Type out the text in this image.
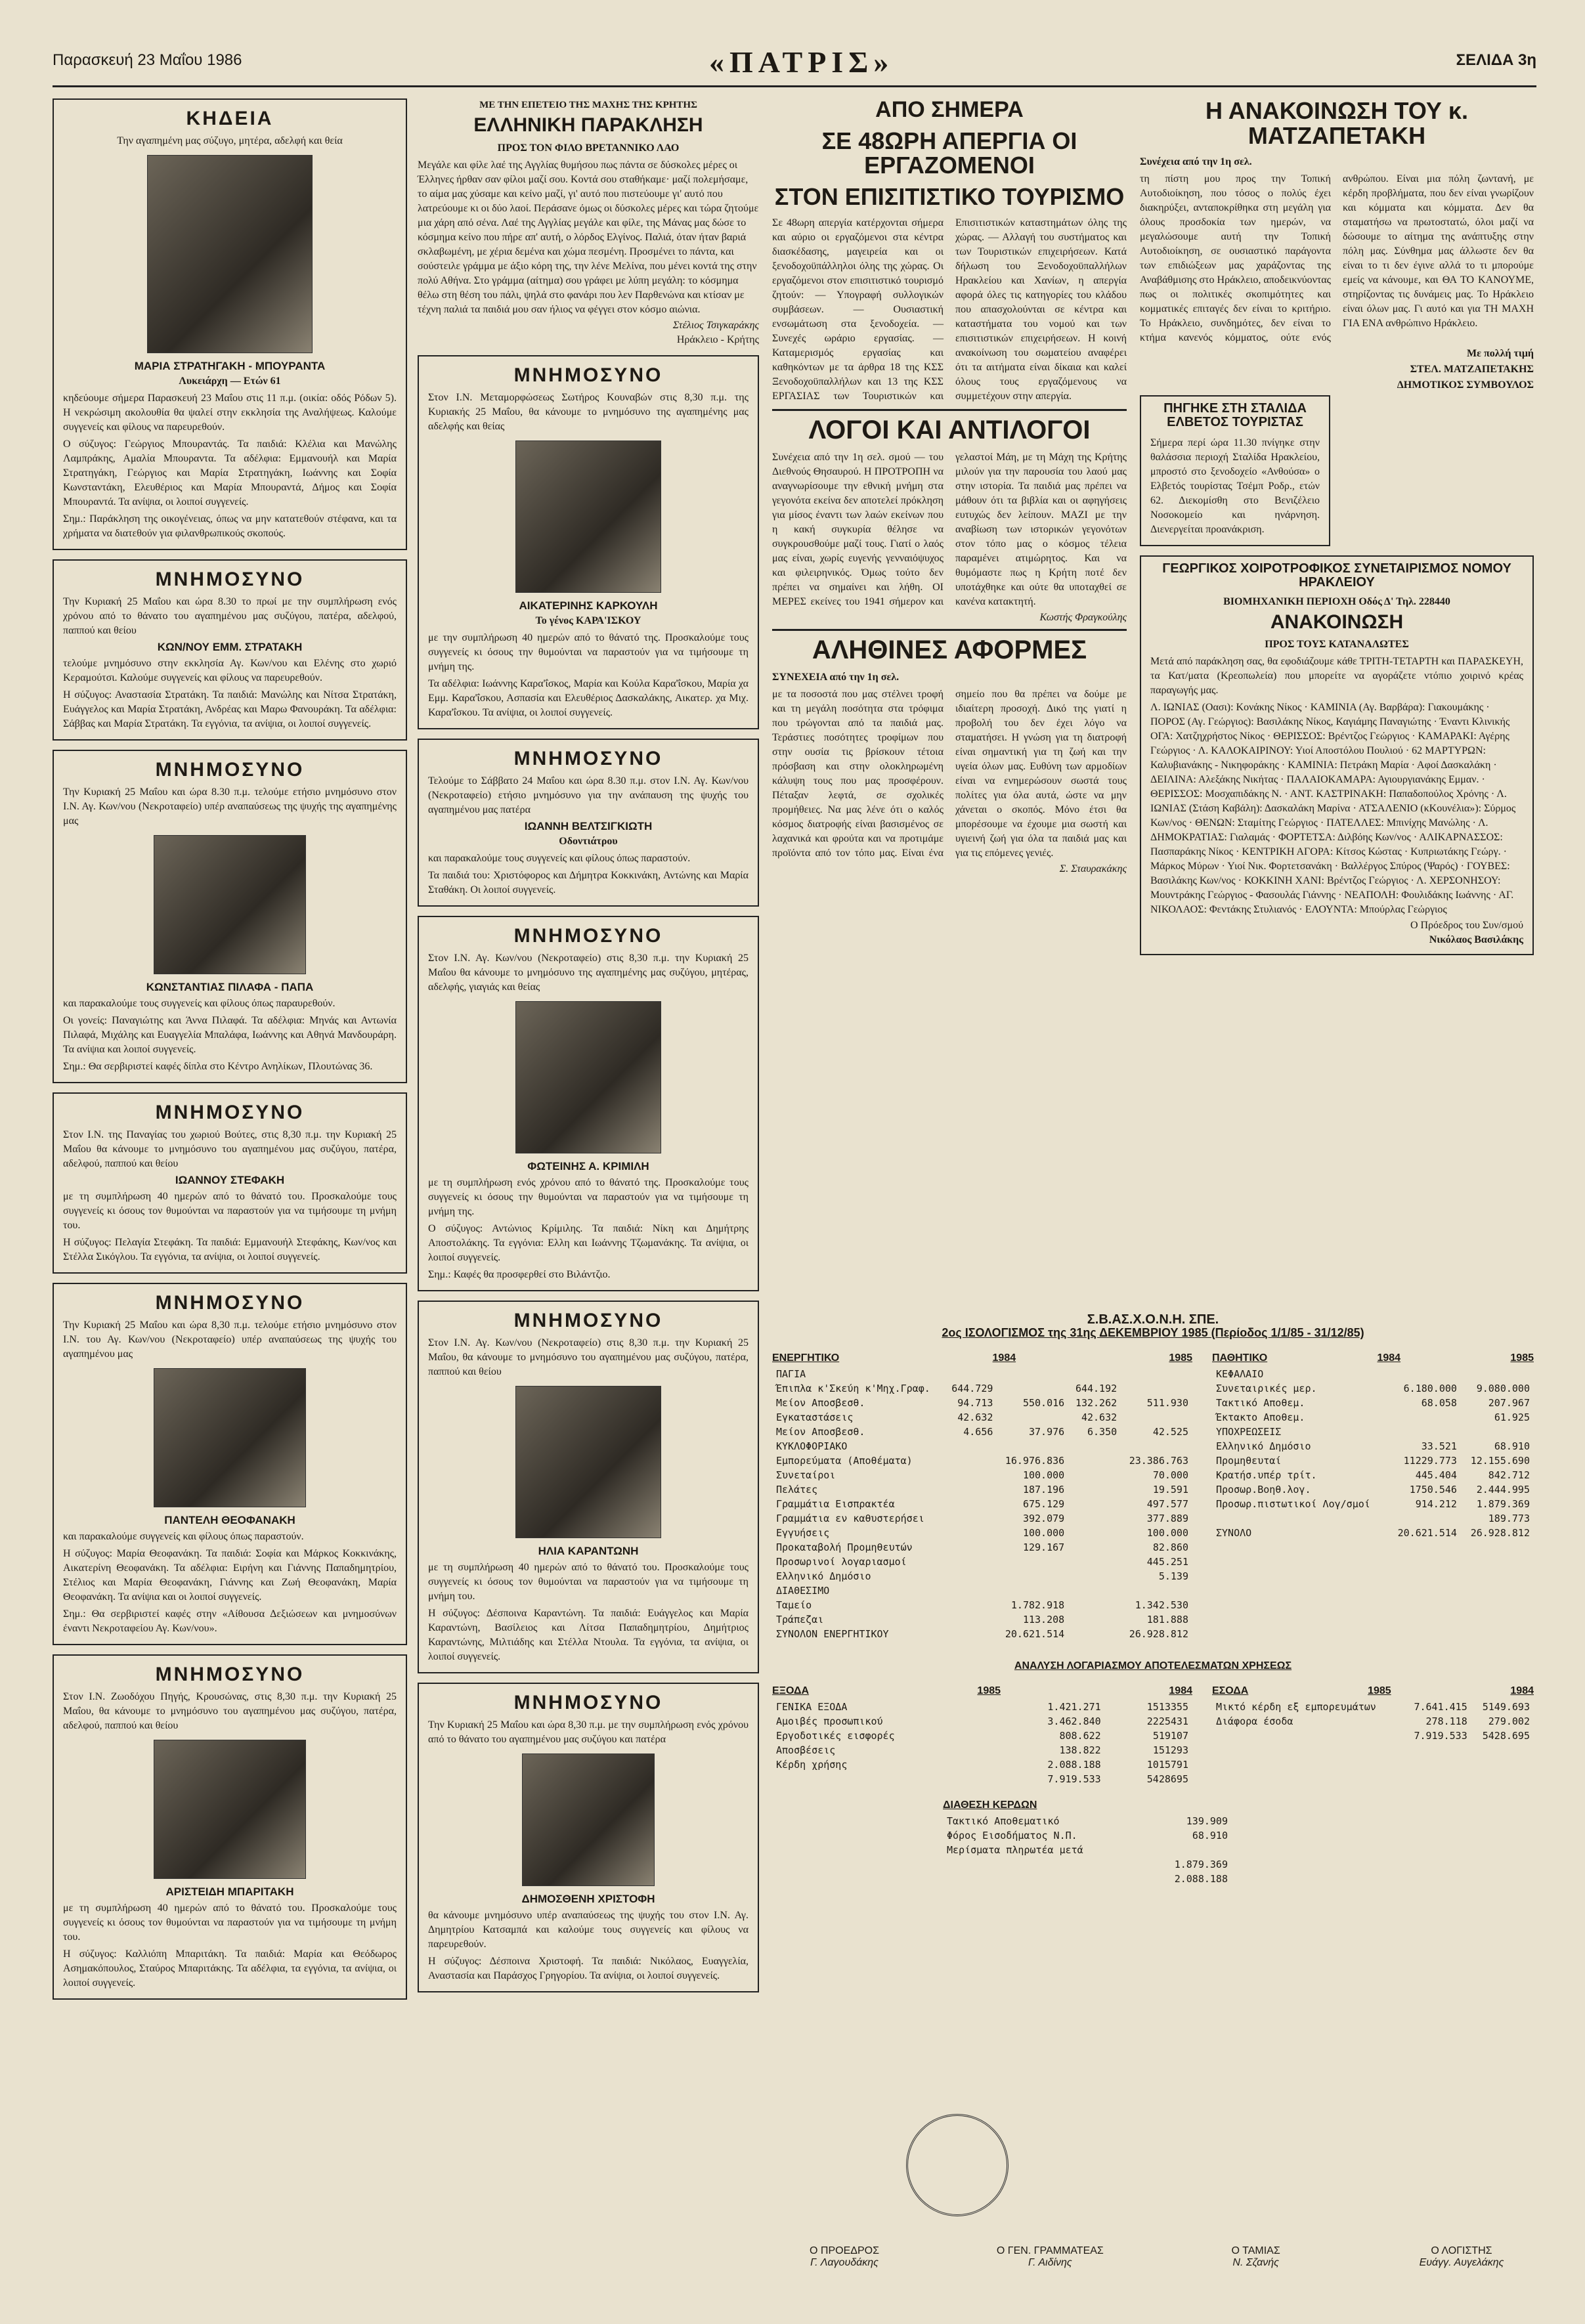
Παρασκευή 23 Μαΐου 1986	«ΠΑΤΡΙΣ»	ΣΕΛΙΔΑ 3η
ΚΗΔΕΙΑ

Την αγαπημένη μας σύζυγο, μητέρα, αδελφή και θεία

ΜΑΡΙΑ ΣΤΡΑΤΗΓΑΚΗ - ΜΠΟΥΡΑΝΤΑ

Λυκειάρχη — Ετών 61

κηδεύουμε σήμερα Παρασκευή 23 Μαΐου στις 11 π.μ. (οικία: οδός Ρόδων 5). Η νεκρώσιμη ακολουθία θα ψαλεί στην εκκλησία της Αναλήψεως. Καλούμε συγγενείς και φίλους να παρευρεθούν.

Ο σύζυγος: Γεώργιος Μπουραντάς. Τα παιδιά: Κλέλια και Μανώλης Λαμπράκης, Αμαλία Μπουραντα. Τα αδέλφια: Εμμανουήλ και Μαρία Στρατηγάκη, Γεώργιος και Μαρία Στρατηγάκη, Ιωάννης και Σοφία Κωνσταντάκη, Ελευθέριος και Μαρία Μπουραντά, Δήμος και Σοφία Μπουραντά. Τα ανίψια, οι λοιποί συγγενείς.

Σημ.: Παράκληση της οικογένειας, όπως να μην κατατεθούν στέφανα, και τα χρήματα να διατεθούν για φιλανθρωπικούς σκοπούς.

ΜΝΗΜΟΣΥΝΟ

Την Κυριακή 25 Μαΐου και ώρα 8.30 το πρωί με την συμπλήρωση ενός χρόνου από το θάνατο του αγαπημένου μας συζύγου, πατέρα, αδελφού, παππού και θείου

ΚΩΝ/ΝΟΥ ΕΜΜ. ΣΤΡΑΤΑΚΗ

τελούμε μνημόσυνο στην εκκλησία Αγ. Κων/νου και Ελένης στο χωριό Κεραμούτσι. Καλούμε συγγενείς και φίλους να παρευρεθούν.

Η σύζυγος: Αναστασία Στρατάκη. Τα παιδιά: Μανώλης και Νίτσα Στρατάκη, Ευάγγελος και Μαρία Στρατάκη, Ανδρέας και Μαρω Φανουράκη. Τα αδέλφια: Σάββας και Μαρία Στρατάκη. Τα εγγόνια, τα ανίψια, οι λοιποί συγγενείς.

ΜΝΗΜΟΣΥΝΟ

Την Κυριακή 25 Μαΐου και ώρα 8.30 π.μ. τελούμε ετήσιο μνημόσυνο στον Ι.Ν. Αγ. Κων/νου (Νεκροταφείο) υπέρ αναπαύσεως της ψυχής της αγαπημένης μας

ΚΩΝΣΤΑΝΤΙΑΣ ΠΙΛΑΦΑ - ΠΑΠΑ

και παρακαλούμε τους συγγενείς και φίλους όπως παραυρεθούν.

Οι γονείς: Παναγιώτης και Άννα Πιλαφά. Τα αδέλφια: Μηνάς και Αντωνία Πιλαφά, Μιχάλης και Ευαγγελία Μπαλάφα, Ιωάννης και Αθηνά Μανδουράρη. Τα ανίψια και λοιποί συγγενείς.

Σημ.: Θα σερβιριστεί καφές δίπλα στο Κέντρο Ανηλίκων, Πλουτώνας 36.

ΜΝΗΜΟΣΥΝΟ

Στον Ι.Ν. της Παναγίας του χωριού Βούτες, στις 8,30 π.μ. την Κυριακή 25 Μαΐου θα κάνουμε το μνημόσυνο του αγαπημένου μας συζύγου, πατέρα, αδελφού, παππού και θείου

ΙΩΑΝΝΟΥ ΣΤΕΦΑΚΗ

με τη συμπλήρωση 40 ημερών από το θάνατό του. Προσκαλούμε τους συγγενείς κι όσους τον θυμούνται να παραστούν για να τιμήσουμε τη μνήμη του.

Η σύζυγος: Πελαγία Στεφάκη. Τα παιδιά: Εμμανουήλ Στεφάκης, Κων/νος και Στέλλα Σικόγλου. Τα εγγόνια, τα ανίψια, οι λοιποί συγγενείς.

ΜΝΗΜΟΣΥΝΟ

Την Κυριακή 25 Μαΐου και ώρα 8,30 π.μ. τελούμε ετήσιο μνημόσυνο στον Ι.Ν. του Αγ. Κων/νου (Νεκροταφείο) υπέρ αναπαύσεως της ψυχής του αγαπημένου μας

ΠΑΝΤΕΛΗ ΘΕΟΦΑΝΑΚΗ

και παρακαλούμε συγγενείς και φίλους όπως παραστούν.

Η σύζυγος: Μαρία Θεοφανάκη. Τα παιδιά: Σοφία και Μάρκος Κοκκινάκης, Αικατερίνη Θεοφανάκη. Τα αδέλφια: Ειρήνη και Γιάννης Παπαδημητρίου, Στέλιος και Μαρία Θεοφανάκη, Γιάννης και Ζωή Θεοφανάκη, Μαρία Θεοφανάκη. Τα ανίψια και οι λοιποί συγγενείς.

Σημ.: Θα σερβιριστεί καφές στην «Αίθουσα Δεξιώσεων και μνημοσύνων έναντι Νεκροταφείου Αγ. Κων/νου».

ΜΝΗΜΟΣΥΝΟ

Στον Ι.Ν. Ζωοδόχου Πηγής, Κρουσώνας, στις 8,30 π.μ. την Κυριακή 25 Μαΐου, θα κάνουμε το μνημόσυνο του αγαπημένου μας συζύγου, πατέρα, αδελφού, παππού και θείου

ΑΡΙΣΤΕΙΔΗ ΜΠΑΡΙΤΑΚΗ

με τη συμπλήρωση 40 ημερών από το θάνατό του. Προσκαλούμε τους συγγενείς κι όσους τον θυμούνται να παραστούν για να τιμήσουμε τη μνήμη του.

Η σύζυγος: Καλλιόπη Μπαριτάκη. Τα παιδιά: Μαρία και Θεόδωρος Ασημακόπουλος, Σταύρος Μπαριτάκης. Τα αδέλφια, τα εγγόνια, τα ανίψια, οι λοιποί συγγενείς.

ΜΕ ΤΗΝ ΕΠΕΤΕΙΟ ΤΗΣ ΜΑΧΗΣ ΤΗΣ ΚΡΗΤΗΣ

ΕΛΛΗΝΙΚΗ ΠΑΡΑΚΛΗΣΗ

ΠΡΟΣ ΤΟΝ ΦΙΛΟ ΒΡΕΤΑΝΝΙΚΟ ΛΑΟ

Μεγάλε και φίλε λαέ της Αγγλίας θυμήσου πως πάντα σε δύσκολες μέρες οι Έλληνες ήρθαν σαν φίλοι μαζί σου. Κοντά σου σταθήκαμε· μαζί πολεμήσαμε, το αίμα μας χύσαμε και κείνο μαζί, γι' αυτό που πιστεύουμε γι' αυτό που λατρεύουμε κι οι δύο λαοί. Περάσανε όμως οι δύσκολες μέρες και τώρα ζητούμε μια χάρη από σένα. Λαέ της Αγγλίας μεγάλε και φίλε, της Μάνας μας δώσε το κόσμημα κείνο που πήρε απ' αυτή, ο λόρδος Ελγίνος. Παλιά, όταν ήταν βαριά σκλαβωμένη, με χέρια δεμένα και χώμα πεσμένη. Προσμένει το πάντα, και σούστειλε γράμμα με άξιο κόρη της, την λένε Μελίνα, που μένει κοντά της στην πολύ Αθήνα. Στο γράμμα (αίτημα) σου γράφει με λύπη μεγάλη: το κόσμημα θέλω στη θέση του πάλι, ψηλά στο φανάρι που λεν Παρθενώνα και κτίσαν με τέχνη παλιά τα παιδιά μου σαν ήλιος να φέγγει στον κόσμο αιώνια.

Στέλιος Τσιγκαράκης

Ηράκλειο - Κρήτης

ΜΝΗΜΟΣΥΝΟ

Στον Ι.Ν. Μεταμορφώσεως Σωτήρος Κουναβών στις 8,30 π.μ. της Κυριακής 25 Μαΐου, θα κάνουμε το μνημόσυνο της αγαπημένης μας αδελφής και θείας

ΑΙΚΑΤΕΡΙΝΗΣ ΚΑΡΚΟΥΛΗ

Το γένος ΚΑΡΑ'ΙΣΚΟΥ

με την συμπλήρωση 40 ημερών από το θάνατό της. Προσκαλούμε τους συγγενείς κι όσους την θυμούνται να παραστούν για να τιμήσουμε τη μνήμη της.

Τα αδέλφια: Ιωάννης Καρα'ΐσκος, Μαρία και Κούλα Καρα'ΐσκου, Μαρία χα Εμμ. Καρα'ΐσκου, Ασπασία και Ελευθέριος Δασκαλάκης, Αικατερ. χα Μιχ. Καρα'ΐσκου. Τα ανίψια, οι λοιποί συγγενείς.

ΜΝΗΜΟΣΥΝΟ

Τελούμε το Σάββατο 24 Μαΐου και ώρα 8.30 π.μ. στον Ι.Ν. Αγ. Κων/νου (Νεκροταφείο) ετήσιο μνημόσυνο για την ανάπαυση της ψυχής του αγαπημένου μας πατέρα

ΙΩΑΝΝΗ ΒΕΛΤΣΙΓΚΙΩΤΗ

Οδοντιάτρου

και παρακαλούμε τους συγγενείς και φίλους όπως παραστούν.

Τα παιδιά του: Χριστόφορος και Δήμητρα Κοκκινάκη, Αντώνης και Μαρία Σταθάκη. Οι λοιποί συγγενείς.

ΜΝΗΜΟΣΥΝΟ

Στον Ι.Ν. Αγ. Κων/νου (Νεκροταφείο) στις 8,30 π.μ. την Κυριακή 25 Μαΐου θα κάνουμε το μνημόσυνο της αγαπημένης μας συζύγου, μητέρας, αδελφής, γιαγιάς και θείας

ΦΩΤΕΙΝΗΣ Α. ΚΡΙΜΙΛΗ

με τη συμπλήρωση ενός χρόνου από το θάνατό της. Προσκαλούμε τους συγγενείς κι όσους την θυμούνται να παραστούν για να τιμήσουμε τη μνήμη της.

Ο σύζυγος: Αντώνιος Κρίμιλης. Τα παιδιά: Νίκη και Δημήτρης Αποστολάκης. Τα εγγόνια: Ελλη και Ιωάννης Τζωμανάκης. Τα ανίψια, οι λοιποί συγγενείς.

Σημ.: Καφές θα προσφερθεί στο Βιλάντζιο.

ΜΝΗΜΟΣΥΝΟ

Στον Ι.Ν. Αγ. Κων/νου (Νεκροταφείο) στις 8,30 π.μ. την Κυριακή 25 Μαΐου, θα κάνουμε το μνημόσυνο του αγαπημένου μας συζύγου, πατέρα, παππού και θείου

ΗΛΙΑ ΚΑΡΑΝΤΩΝΗ

με τη συμπλήρωση 40 ημερών από το θάνατό του. Προσκαλούμε τους συγγενείς κι όσους τον θυμούνται να παραστούν για να τιμήσουμε τη μνήμη του.

Η σύζυγος: Δέσποινα Καραντώνη. Τα παιδιά: Ευάγγελος και Μαρία Καραντώνη, Βασίλειος και Λίτσα Παπαδημητρίου, Δημήτριος Καραντώνης, Μιλτιάδης και Στέλλα Ντουλα. Τα εγγόνια, τα ανίψια, οι λοιποί συγγενείς.

ΜΝΗΜΟΣΥΝΟ

Την Κυριακή 25 Μαΐου και ώρα 8,30 π.μ. με την συμπλήρωση ενός χρόνου από το θάνατο του αγαπημένου μας συζύγου και πατέρα

ΔΗΜΟΣΘΕΝΗ ΧΡΙΣΤΟΦΗ

θα κάνουμε μνημόσυνο υπέρ αναπαύσεως της ψυχής του στον Ι.Ν. Αγ. Δημητρίου Κατσαμπά και καλούμε τους συγγενείς και φίλους να παρευρεθούν.

Η σύζυγος: Δέσποινα Χριστοφή. Τα παιδιά: Νικόλαος, Ευαγγελία, Αναστασία και Παράσχος Γρηγορίου. Τα ανίψια, οι λοιποί συγγενείς.

ΑΠΟ ΣΗΜΕΡΑ

ΣΕ 48ΩΡΗ ΑΠΕΡΓΙΑ ΟΙ ΕΡΓΑΖΟΜΕΝΟΙ

ΣΤΟΝ ΕΠΙΣΙΤΙΣΤΙΚΟ ΤΟΥΡΙΣΜΟ

Σε 48ωρη απεργία κατέρχονται σήμερα και αύριο οι εργαζόμενοι στα κέντρα διασκέδασης, μαγειρεία και οι ξενοδοχοϋπάλληλοι όλης της χώρας. Οι εργαζόμενοι στον επισιτιστικό τουρισμό ζητούν: — Υπογραφή συλλογικών συμβάσεων. — Ουσιαστική ενσωμάτωση στα ξενοδοχεία. — Συνεχές ωράριο εργασίας. — Καταμερισμός εργασίας και καθηκόντων με τα άρθρα 18 της ΚΣΣ Ξενοδοχοϋπαλλήλων και 13 της ΚΣΣ ΕΡΓΑΣΙΑΣ των Τουριστικών και Επισιτιστικών καταστημάτων όλης της χώρας. — Αλλαγή του συστήματος και των Τουριστικών επιχειρήσεων. Κατά δήλωση του Ξενοδοχοϋπαλλήλων Ηρακλείου και Χανίων, η απεργία αφορά όλες τις κατηγορίες του κλάδου που απασχολούνται σε κέντρα και καταστήματα του νομού και των επισιτιστικών επιχειρήσεων. Η κοινή ανακοίνωση του σωματείου αναφέρει ότι τα αιτήματα είναι δίκαια και καλεί όλους τους εργαζόμενους να συμμετέχουν στην απεργία.

ΛΟΓΟΙ ΚΑΙ ΑΝΤΙΛΟΓΟΙ

Συνέχεια από την 1η σελ. σμού — του Διεθνούς Θησαυρού. Η ΠΡΟΤΡΟΠΗ να αναγνωρίσουμε την εθνική μνήμη στα γεγονότα εκείνα δεν αποτελεί πρόκληση για μίσος έναντι των λαών εκείνων που η κακή συγκυρία θέλησε να συγκρουσθούμε μαζί τους. Γιατί ο λαός μας είναι, χωρίς ευγενής γενναιόψυχος και φιλειρηνικός. Όμως τούτο δεν πρέπει να σημαίνει και λήθη. ΟΙ ΜΕΡΕΣ εκείνες του 1941 σήμερον και γελαστοί Μάη, με τη Μάχη της Κρήτης μιλούν για την παρουσία του λαού μας στην ιστορία. Τα παιδιά μας πρέπει να μάθουν ότι τα βιβλία και οι αφηγήσεις ευτυχώς δεν λείπουν. ΜΑΖΙ με την αναβίωση των ιστορικών γεγονότων στον τόπο μας ο κόσμος τέλεια παραμένει ατιμώρητος. Και να θυμόμαστε πως η Κρήτη ποτέ δεν υποτάχθηκε και ούτε θα υποταχθεί σε κανένα κατακτητή.

Κωστής Φραγκούλης

ΑΛΗΘΙΝΕΣ ΑΦΟΡΜΕΣ

ΣΥΝΕΧΕΙΑ από την 1η σελ.

με τα ποσοστά που μας στέλνει τροφή και τη μεγάλη ποσότητα στα τρόφιμα που τρώγονται από τα παιδιά μας. Τεράστιες ποσότητες τροφίμων που στην ουσία τις βρίσκουν τέτοια πρόσβαση και στην ολοκληρωμένη κάλυψη τους που μας προσφέρουν. Πέταξαν λεφτά, σε σχολικές προμήθειες. Να μας λένε ότι ο καλός κόσμος διατροφής είναι βασισμένος σε λαχανικά και φρούτα και να προτιμάμε προϊόντα από τον τόπο μας. Είναι ένα σημείο που θα πρέπει να δούμε με ιδιαίτερη προσοχή. Δικό της γιατί η προβολή του δεν έχει λόγο να σταματήσει. Η γνώση για τη διατροφή είναι σημαντική για τη ζωή και την υγεία όλων μας. Ευθύνη των αρμοδίων είναι να ενημερώσουν σωστά τους πολίτες για όλα αυτά, ώστε να μην χάνεται ο σκοπός. Μόνο έτσι θα μπορέσουμε να έχουμε μια σωστή και υγιεινή ζωή για όλα τα παιδιά μας και για τις επόμενες γενιές.

Σ. Σταυρακάκης

Η ΑΝΑΚΟΙΝΩΣΗ ΤΟΥ κ. ΜΑΤΖΑΠΕΤΑΚΗ

Συνέχεια από την 1η σελ.

τη πίστη μου προς την Τοπική Αυτοδιοίκηση, που τόσος ο πολύς έχει διακηρύξει, ανταποκρίθηκα στη μεγάλη για όλους προσδοκία των ημερών, να μεγαλώσουμε αυτή την Τοπική Αυτοδιοίκηση, σε ουσιαστικό παράγοντα των επιδιώξεων μας χαράζοντας της Αναβάθμισης στο Ηράκλειο, αποδεικνύοντας πως οι πολιτικές σκοπιμότητες και κομματικές επιταγές δεν είναι το κριτήριο. Το Ηράκλειο, συνδημότες, δεν είναι το κτήμα κανενός κόμματος, ούτε ενός ανθρώπου. Είναι μια πόλη ζωντανή, με κέρδη προβλήματα, που δεν είναι γνωρίζουν και κόμματα και κόμματα. Δεν θα σταματήσω να πρωτοστατώ, όλοι μαζί να δώσουμε το αίτημα της ανάπτυξης στην πόλη μας. Σύνθημα μας άλλωστε δεν θα είναι το τι δεν έγινε αλλά το τι μπορούμε εμείς να κάνουμε, και ΘΑ ΤΟ ΚΑΝΟΥΜΕ, στηρίζοντας τις δυνάμεις μας. Το Ηράκλειο είναι όλων μας. Γι αυτό και για ΤΗ ΜΑΧΗ ΓΙΑ ΕΝΑ ανθρώπινο Ηράκλειο.

Με πολλή τιμή

ΣΤΕΛ. ΜΑΤΖΑΠΕΤΑΚΗΣ

ΔΗΜΟΤΙΚΟΣ ΣΥΜΒΟΥΛΟΣ

ΠΗΓΗΚΕ ΣΤΗ ΣΤΑΛΙΔΑ ΕΛΒΕΤΟΣ ΤΟΥΡΙΣΤΑΣ

Σήμερα περί ώρα 11.30 πνίγηκε στην θαλάσσια περιοχή Σταλίδα Ηρακλείου, μπροστό στο ξενοδοχείο «Ανθούσα» ο Ελβετός τουρίστας Τσέμπ Ροδρ., ετών 62. Διεκομίσθη στο Βενιζέλειο Νοσοκομείο και ηνάρνηση. Διενεργείται προανάκριση.

ΓΕΩΡΓΙΚΟΣ ΧΟΙΡΟΤΡΟΦΙΚΟΣ ΣΥΝΕΤΑΙΡΙΣΜΟΣ ΝΟΜΟΥ ΗΡΑΚΛΕΙΟΥ

ΒΙΟΜΗΧΑΝΙΚΗ ΠΕΡΙΟΧΗ Οδός Δ' Τηλ. 228440

ΑΝΑΚΟΙΝΩΣΗ

ΠΡΟΣ ΤΟΥΣ ΚΑΤΑΝΑΛΩΤΕΣ

Μετά από παράκληση σας, θα εφοδιάζουμε κάθε ΤΡΙΤΗ-ΤΕΤΑΡΤΗ και ΠΑΡΑΣΚΕΥΗ, τα Κατ/ματα (Κρεοπωλεία) που μπορείτε να αγοράζετε ντόπιο χοιρινό κρέας παραγωγής μας.

Λ. ΙΩΝΙΑΣ (Οασι): Κονάκης Νίκος · ΚΑΜΙΝΙΑ (Αγ. Βαρβάρα): Γιακουμάκης · ΠΟΡΟΣ (Αγ. Γεώργιος): Βασιλάκης Νίκος, Καγιάμης Παναγιώτης · Έναντι Κλινικής ΟΓΑ: Χατζηχρήστος Νίκος · ΘΕΡΙΣΣΟΣ: Βρέντζος Γεώργιος · ΚΑΜΑΡΑΚΙ: Αγέρης Γεώργιος · Λ. ΚΑΛΟΚΑΙΡΙΝΟΥ: Υιοί Αποστόλου Πουλιού · 62 ΜΑΡΤΥΡΩΝ: Καλυβιανάκης - Νικηφοράκης · ΚΑΜΙΝΙΑ: Πετράκη Μαρία · Αφοί Δασκαλάκη · ΔΕΙΛΙΝΑ: Αλεξάκης Νικήτας · ΠΑΛΑΙΟΚΑΜΑΡΑ: Αγιουργιανάκης Εμμαν. · ΘΕΡΙΣΣΟΣ: Μοσχαπιδάκης Ν. · ΑΝΤ. ΚΑΣΤΡΙΝΑΚΗ: Παπαδοπούλος Χρόνης · Λ. ΙΩΝΙΑΣ (Στάση Καβάλη): Δασκαλάκη Μαρίνα · ΑΤΣΑΛΕΝΙΟ (κΚουνέλια»): Σύρμος Κων/νος · ΘΕΝΩΝ: Σταμίτης Γεώργιος · ΠΑΤΕΛΛΕΣ: Μπινίχης Μανώλης · Λ. ΔΗΜΟΚΡΑΤΙΑΣ: Γιαλαμάς · ΦΟΡΤΕΤΣΑ: Διλβόης Κων/νος · ΑΛΙΚΑΡΝΑΣΣΟΣ: Πασπαράκης Νίκος · ΚΕΝΤΡΙΚΗ ΑΓΟΡΑ: Κίτσος Κώστας · Κυπριωτάκης Γεώργ. · Μάρκος Μύρων · Υιοί Νικ. Φορτετσανάκη · Βαλλέργος Σπύρος (Ψαρός) · ΓΟΥΒΕΣ: Βασιλάκης Κων/νος · ΚΟΚΚΙΝΗ ΧΑΝΙ: Βρέντζος Γεώργιος · Λ. ΧΕΡΣΟΝΗΣΟΥ: Μουντράκης Γεώργιος - Φασουλάς Γιάννης · ΝΕΑΠΟΛΗ: Φουλιδάκης Ιωάννης · ΑΓ. ΝΙΚΟΛΑΟΣ: Φεντάκης Στυλιανός · ΕΛΟΥΝΤΑ: Μπούρλας Γεώργιος

Ο Πρόεδρος του Συν/σμού

Νικόλαος Βασιλάκης

Σ.Β.ΑΣ.Χ.Ο.Ν.Η. ΣΠΕ.

2ος ΙΣΟΛΟΓΙΣΜΟΣ της 31ης ΔΕΚΕΜΒΡΙΟΥ 1985 (Περίοδος 1/1/85 - 31/12/85)

ΕΝΕΡΓΗΤΙΚΟ	1984	1985
ΠΑΓΙΑ				
Έπιπλα κ'Σκεύη κ'Μηχ.Γραφ.	644.729		644.192	
Μείον Αποσβεσθ.	94.713	550.016	132.262	511.930
Εγκαταστάσεις	42.632		42.632	
Μείον Αποσβεσθ.	4.656	37.976	6.350	42.525
ΚΥΚΛΟΦΟΡΙΑΚΟ				
Εμπορεύματα (Αποθέματα)		16.976.836		23.386.763
Συνεταίροι		100.000		70.000
Πελάτες		187.196		19.591
Γραμμάτια Εισπρακτέα		675.129		497.577
Γραμμάτια εν καθυστερήσει		392.079		377.889
Εγγυήσεις		100.000		100.000
Προκαταβολή Προμηθευτών		129.167		82.860
Προσωρινοί λογαριασμοί				445.251
Ελληνικό Δημόσιο				5.139
ΔΙΑΘΕΣΙΜΟ				
Ταμείο		1.782.918		1.342.530
Τράπεζαι		113.208		181.888
ΣΥΝΟΛΟΝ ΕΝΕΡΓΗΤΙΚΟΥ		20.621.514		26.928.812
ΠΑΘΗΤΙΚΟ	1984	1985
ΚΕΦΑΛΑΙΟ		
Συνεταιρικές μερ.	6.180.000	9.080.000
Τακτικό Αποθεμ.	68.058	207.967
Έκτακτο Αποθεμ.		61.925
ΥΠΟΧΡΕΩΣΕΙΣ		
Ελληνικό Δημόσιο	33.521	68.910
Προμηθευταί	11229.773	12.155.690
Κρατήσ.υπέρ τρίτ.	445.404	842.712
Προσωρ.Βοηθ.λογ.	1750.546	2.444.995
Προσωρ.πιστωτικοί Λογ/σμοί	914.212	1.879.369
		189.773
ΣΥΝΟΛΟ	20.621.514	26.928.812

ΑΝΑΛΥΣΗ ΛΟΓΑΡΙΑΣΜΟΥ ΑΠΟΤΕΛΕΣΜΑΤΩΝ ΧΡΗΣΕΩΣ

ΕΞΟΔΑ	1985	1984
ΓΕΝΙΚΑ ΕΞΟΔΑ	1.421.271	1513355
Αμοιβές προσωπικού	3.462.840	2225431
Εργοδοτικές εισφορές	808.622	519107
Αποσβέσεις	138.822	151293
Κέρδη χρήσης	2.088.188	1015791
	7.919.533	5428695
ΕΣΟΔΑ	1985	1984
Μικτό κέρδη εξ εμπορευμάτων	7.641.415	5149.693
Διάφορα έσοδα	278.118	279.002
	7.919.533	5428.695

ΔΙΑΘΕΣΗ ΚΕΡΔΩΝ

Τακτικό Αποθεματικό	139.909
Φόρος Εισοδήματος Ν.Π.	68.910
Μερίσματα πληρωτέα μετά	
	1.879.369
	2.088.188
Ο ΠΡΟΕΔΡΟΣ
Γ. Λαγουδάκης
Ο ΓΕΝ. ΓΡΑΜΜΑΤΕΑΣ
Γ. Αιδίνης
Ο ΤΑΜΙΑΣ
Ν. Σζανής
Ο ΛΟΓΙΣΤΗΣ
Ευάγγ. Αυγελάκης
